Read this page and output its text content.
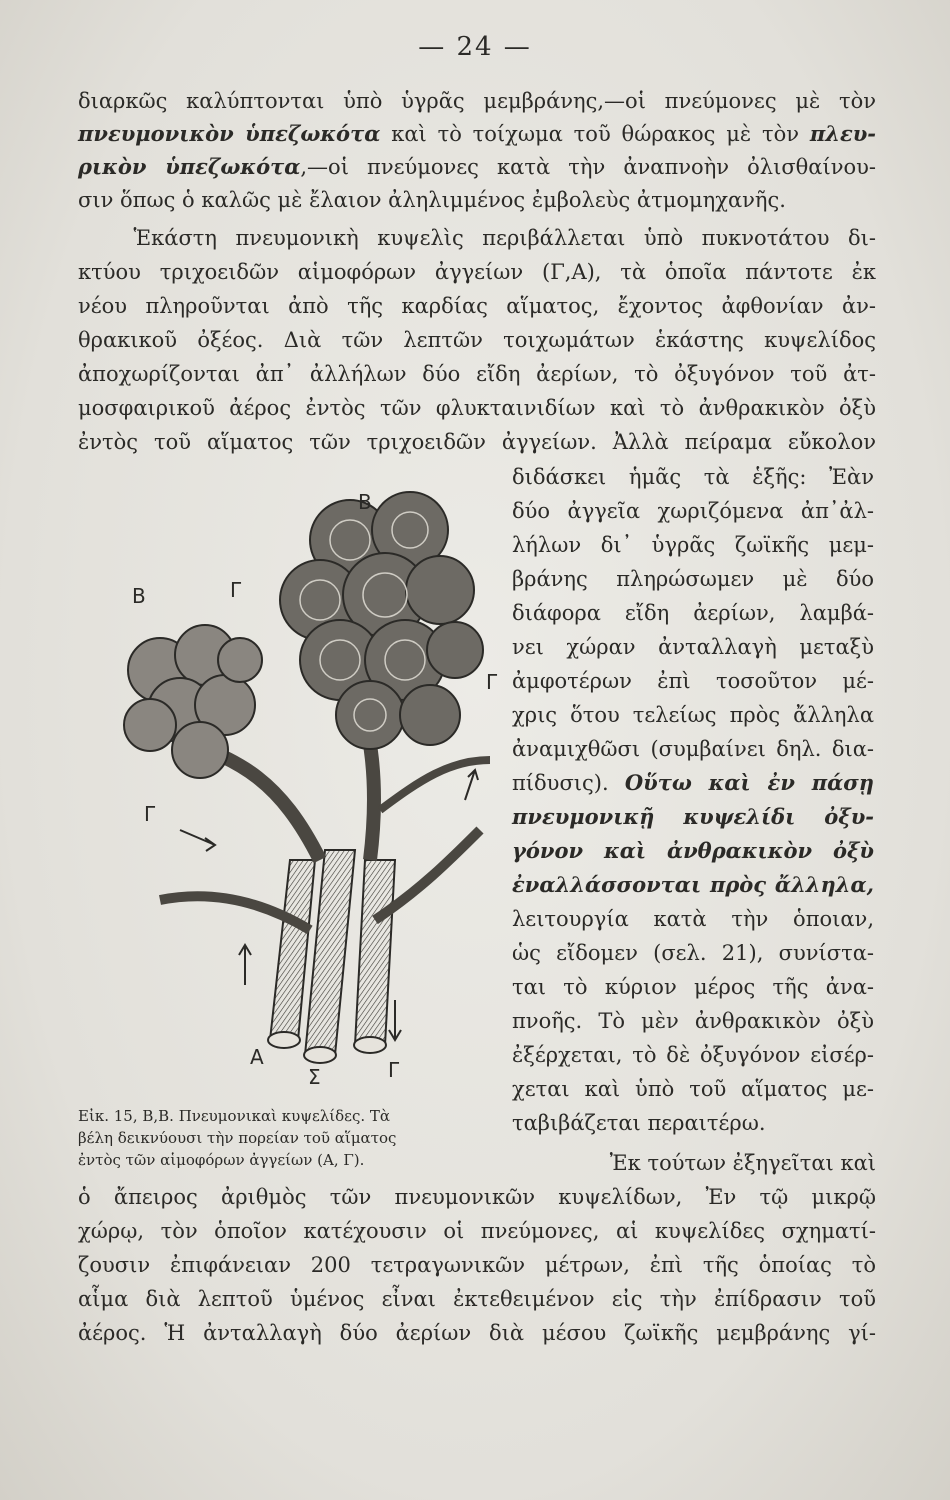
— 24 —
διαρκῶς καλύπτονται ὑπὸ ὑγρᾶς μεμβράνης,—οἱ πνεύμονες μὲ τὸν
πνευμονικὸν ὑπεζωκότα καὶ τὸ τοίχωμα τοῦ θώρακος μὲ τὸν πλευ-
ρικὸν ὑπεζωκότα,—οἱ πνεύμονες κατὰ τὴν ἀναπνοὴν ὀλισθαίνου-
σιν ὅπως ὁ καλῶς μὲ ἔλαιον ἀληλιμμένος ἐμβολεὺς ἀτμομηχανῆς.
Ἑκάστη πνευμονικὴ κυψελὶς περιβάλλεται ὑπὸ πυκνοτάτου δι-
κτύου τριχοειδῶν αἱμοφόρων ἀγγείων (Γ,Α), τὰ ὁποῖα πάντοτε ἐκ
νέου πληροῦνται ἀπὸ τῆς καρδίας αἵματος, ἔχοντος ἀφθονίαν ἀν-
θρακικοῦ ὀξέος. Διὰ τῶν λεπτῶν τοιχωμάτων ἑκάστης κυψελίδος
ἀποχωρίζονται ἀπ᾽ ἀλλήλων δύο εἴδη ἀερίων, τὸ ὀξυγόνον τοῦ ἀτ-
μοσφαιρικοῦ ἀέρος ἐντὸς τῶν φλυκταινιδίων καὶ τὸ ἀνθρακικὸν ὀξὺ
ἐντὸς τοῦ αἵματος τῶν τριχοειδῶν ἀγγείων. Ἀλλὰ πείραμα εὔκολον
διδάσκει ἡμᾶς τὰ ἑξῆς: Ἐὰν
δύο ἀγγεῖα χωριζόμενα ἀπ᾽ἀλ-
λήλων δι᾽ ὑγρᾶς ζωϊκῆς μεμ-
βράνης πληρώσωμεν μὲ δύο
διάφορα εἴδη ἀερίων, λαμβά-
νει χώραν ἀνταλλαγὴ μεταξὺ
ἀμφοτέρων ἐπὶ τοσοῦτον μέ-
χρις ὅτου τελείως πρὸς ἄλληλα
ἀναμιχθῶσι (συμβαίνει δηλ. δια-
πίδυσις). Οὕτω καὶ ἐν πάσῃ
πνευμονικῇ κυψελίδι ὀξυ-
γόνον καὶ ἀνθρακικὸν ὀξὺ
ἐναλλάσσονται πρὸς ἄλληλα,
λειτουργία κατὰ τὴν ὁποιαν,
ὡς εἴδομεν (σελ. 21), συνίστα-
ται τὸ κύριον μέρος τῆς ἀνα-
πνοῆς. Τὸ μὲν ἀνθρακικὸν ὀξὺ
ἐξέρχεται, τὸ δὲ ὀξυγόνον εἰσέρ-
χεται καὶ ὑπὸ τοῦ αἵματος με-
ταβιβάζεται περαιτέρω.
Β
Β	Γ
Γ
Γ
Α
Σ	Γ
Εἰκ. 15, Β,Β. Πνευμονικαὶ κυψελίδες. Τὰ
βέλη δεικνύουσι τὴν πορείαν τοῦ αἵματος
ἐντὸς τῶν αἱμοφόρων ἀγγείων (Α, Γ).
Ἐκ τούτων ἐξηγεῖται καὶ
ὁ ἄπειρος ἀριθμὸς τῶν πνευμονικῶν κυψελίδων, Ἐν τῷ μικρῷ
χώρῳ, τὸν ὁποῖον κατέχουσιν οἱ πνεύμονες, αἱ κυψελίδες σχηματί-
ζουσιν ἐπιφάνειαν 200 τετραγωνικῶν μέτρων, ἐπὶ τῆς ὁποίας τὸ
αἷμα διὰ λεπτοῦ ὑμένος εἶναι ἐκτεθειμένον εἰς τὴν ἐπίδρασιν τοῦ
ἀέρος. Ἡ ἀνταλλαγὴ δύο ἀερίων διὰ μέσου ζωϊκῆς μεμβράνης γί-
